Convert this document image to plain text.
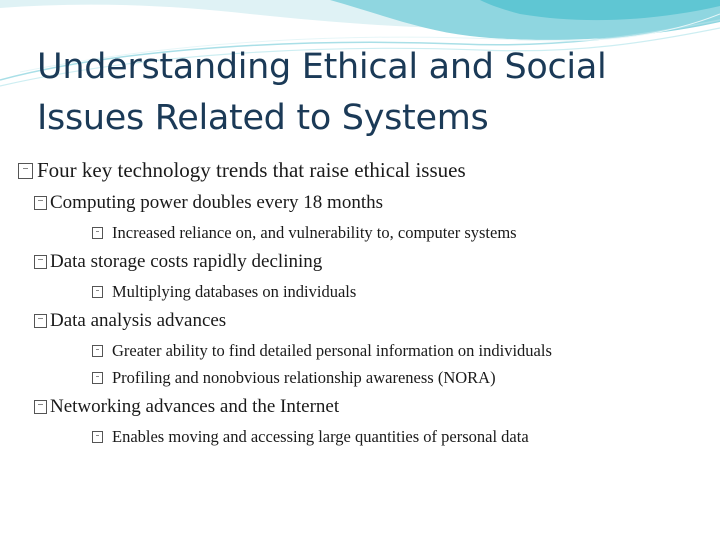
Understanding Ethical and Social
Issues Related to Systems
Four key technology trends that raise ethical issues
Computing power doubles every 18 months
Increased reliance on, and vulnerability to, computer systems
Data storage costs rapidly declining
Multiplying databases on individuals
Data analysis advances
Greater ability to find detailed personal information on individuals
Profiling and nonobvious relationship awareness (NORA)
Networking advances and the Internet
Enables moving and accessing large quantities of personal data
